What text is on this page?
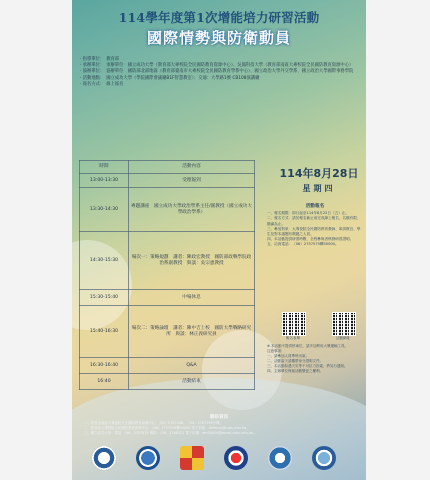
114學年度第1次增能培力研習活動
國際情勢與防衛動員
‧ 指導單位： 教育部
‧ 承辦單位： 承辦單位　國立成功大學（教育部大專校院全民國防教育資源中心）、吳鳳科技大學（教育部南區大專校院全民國防教育資源中心）
‧ 協辦單位： 協辦單位　國防部北部地區（教育部臺南市大專校院全民國防教育學系中心）、國立政治大學外交學系、國立政治大學國際事務學院
‧ 活動地點： 國立成功大學（學院國際會議廳B1F智慧教室）；交通：大學路1號 CB108演講廳
‧ 報名方式： 線上報名
時間	活動內容
13:00-13:30	受理報到
13:30-14:30	專題講座　國立成功大學政治學系主任/副教授（國立成功大學政治學系）
14:30-15:30	場次一：策略規劃　講者：陳政宏教授　國防部政戰學院政治系副教授　與談：吳宗憲教授
15:30-15:40	中場休息
15:40-16:30	場次二：策略論壇　講者：陳中吉上校　國防大學戰略研究所　與談：林正義研究員
16:30-16:40	Q&A
16:40	活動結束
114年8月28日
星期四
活動報名
一、報名期限：即日起至114年8月22日（五）止。
二、報名方式：請於報名截止前完成線上報名，名額有限，額滿為止。
三、參加對象：大專校院全民國防教育教師、軍訓教官、學生及對本議題有興趣之人員。
四、本活動提供研習時數，全程參與者核發研習證明。
五、洽詢電話：（06）2757575轉50000。
報名表單	活動網址
※ 本活動不提供停車位，請多加利用大眾運輸工具。
注意事項：
一、請參加人員準時出席。
二、活動當天請攜帶身分證明文件。
三、本活動如遇天災等不可抗力因素，將另行通知。
四、主辦單位保留活動變更之權利。
聯絡資訊
一、教育部南區大專校院全民國防教育資源中心：（05）2767288、（05）2767298分機。
二、教育部大專校院全民國防教育資源中心：（06）2757575轉50000 電子信箱：defense@ncku.edu.tw。
三、國立成功大學：電話 （06）2757575 傳真：（06）2766521 電子信箱：em50000@email.ncku.edu.tw。
